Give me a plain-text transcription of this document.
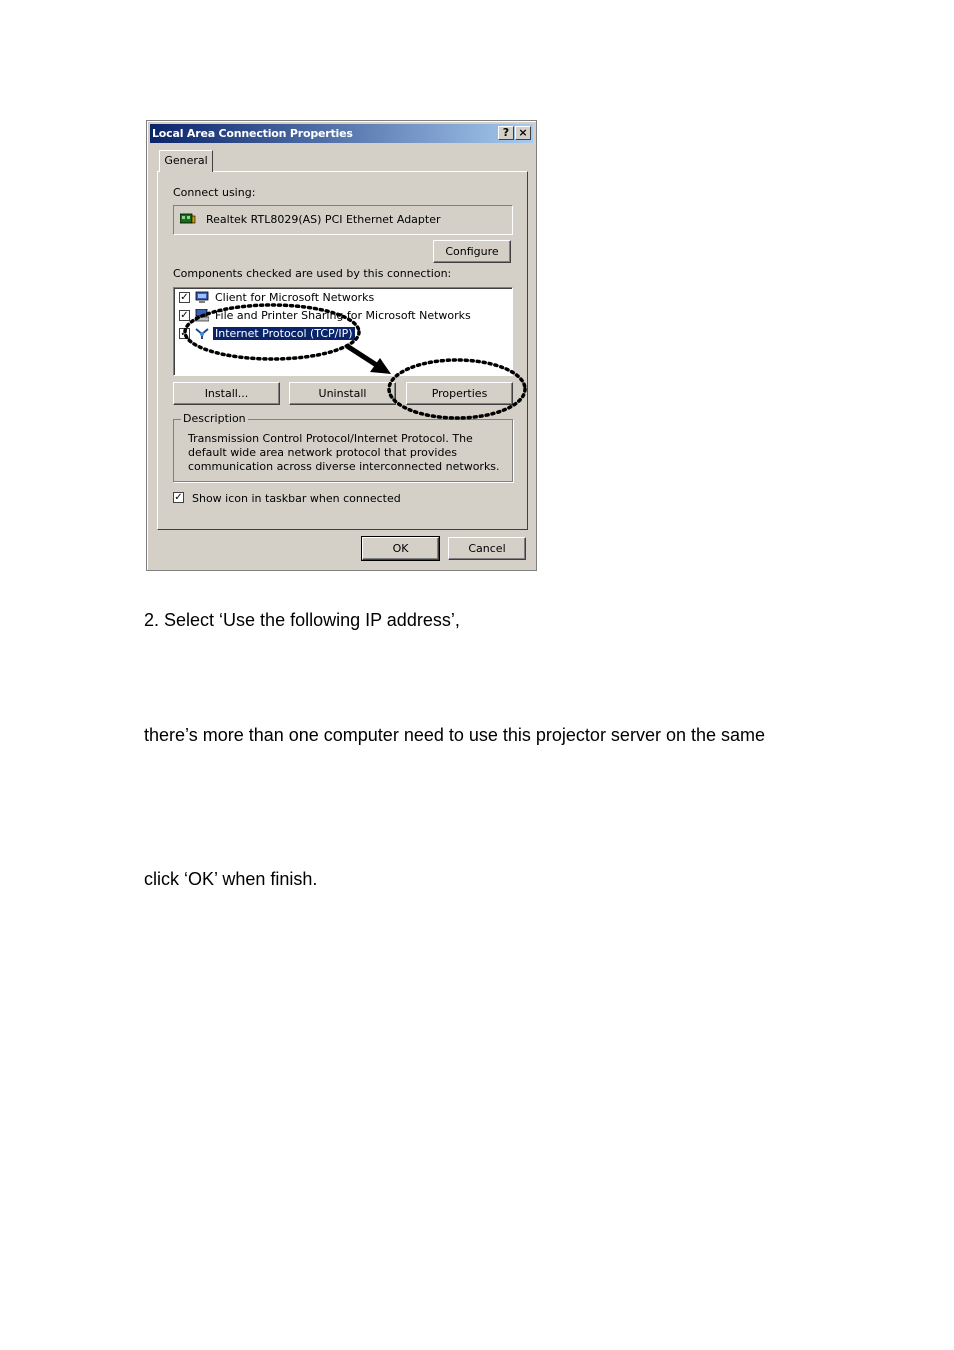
Local Area Connection Properties	? ×
General
Connect using:
Realtek RTL8029(AS) PCI Ethernet Adapter
Configure
Components checked are used by this connection:
✓ Client for Microsoft Networks
✓ File and Printer Sharing for Microsoft Networks
✓ Internet Protocol (TCP/IP)
Install...	Uninstall	Properties
Description
Transmission Control Protocol/Internet Protocol. The default wide area network protocol that provides communication across diverse interconnected networks.
✓ Show icon in taskbar when connected
OK	Cancel
2. Select ‘Use the following IP address’,
there’s more than one computer need to use this projector server on the same
click ‘OK’ when finish.
